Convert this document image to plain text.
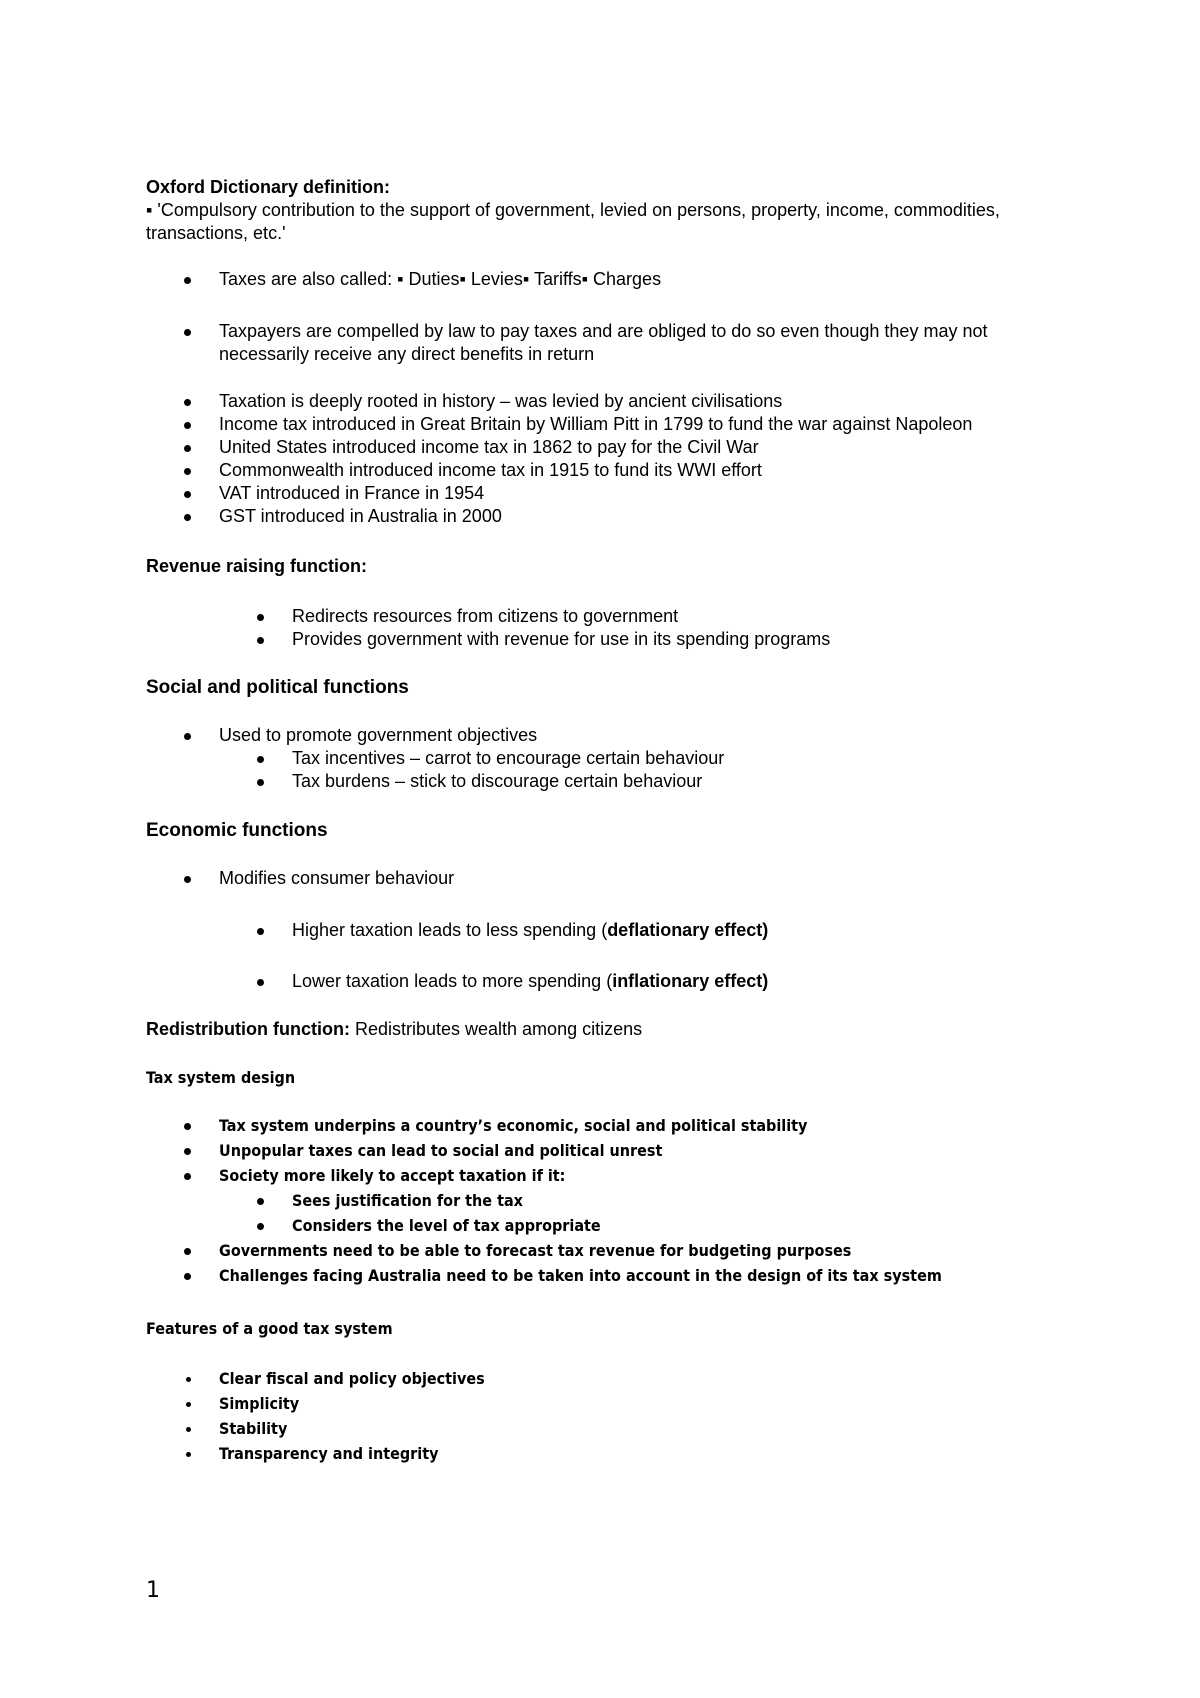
Oxford Dictionary definition:

▪ 'Compulsory contribution to the support of government, levied on persons, property, income, commodities, transactions, etc.'

Taxes are also called: ▪ Duties▪ Levies▪ Tariffs▪ Charges
Taxpayers are compelled by law to pay taxes and are obliged to do so even though they may not necessarily receive any direct benefits in return
Taxation is deeply rooted in history – was levied by ancient civilisations
Income tax introduced in Great Britain by William Pitt in 1799 to fund the war against Napoleon
United States introduced income tax in 1862 to pay for the Civil War
Commonwealth introduced income tax in 1915 to fund its WWI effort
VAT introduced in France in 1954
GST introduced in Australia in 2000

Revenue raising function:

Redirects resources from citizens to government
Provides government with revenue for use in its spending programs

Social and political functions

Used to promote government objectives
Tax incentives – carrot to encourage certain behaviour
Tax burdens – stick to discourage certain behaviour

Economic functions

Modifies consumer behaviour
Higher taxation leads to less spending (deflationary effect)
Lower taxation leads to more spending (inflationary effect)

Redistribution function: Redistributes wealth among citizens

Tax system design

Tax system underpins a country’s economic, social and political stability
Unpopular taxes can lead to social and political unrest
Society more likely to accept taxation if it:
Sees justification for the tax
Considers the level of tax appropriate
Governments need to be able to forecast tax revenue for budgeting purposes
Challenges facing Australia need to be taken into account in the design of its tax system

Features of a good tax system

Clear fiscal and policy objectives
Simplicity
Stability
Transparency and integrity
1
